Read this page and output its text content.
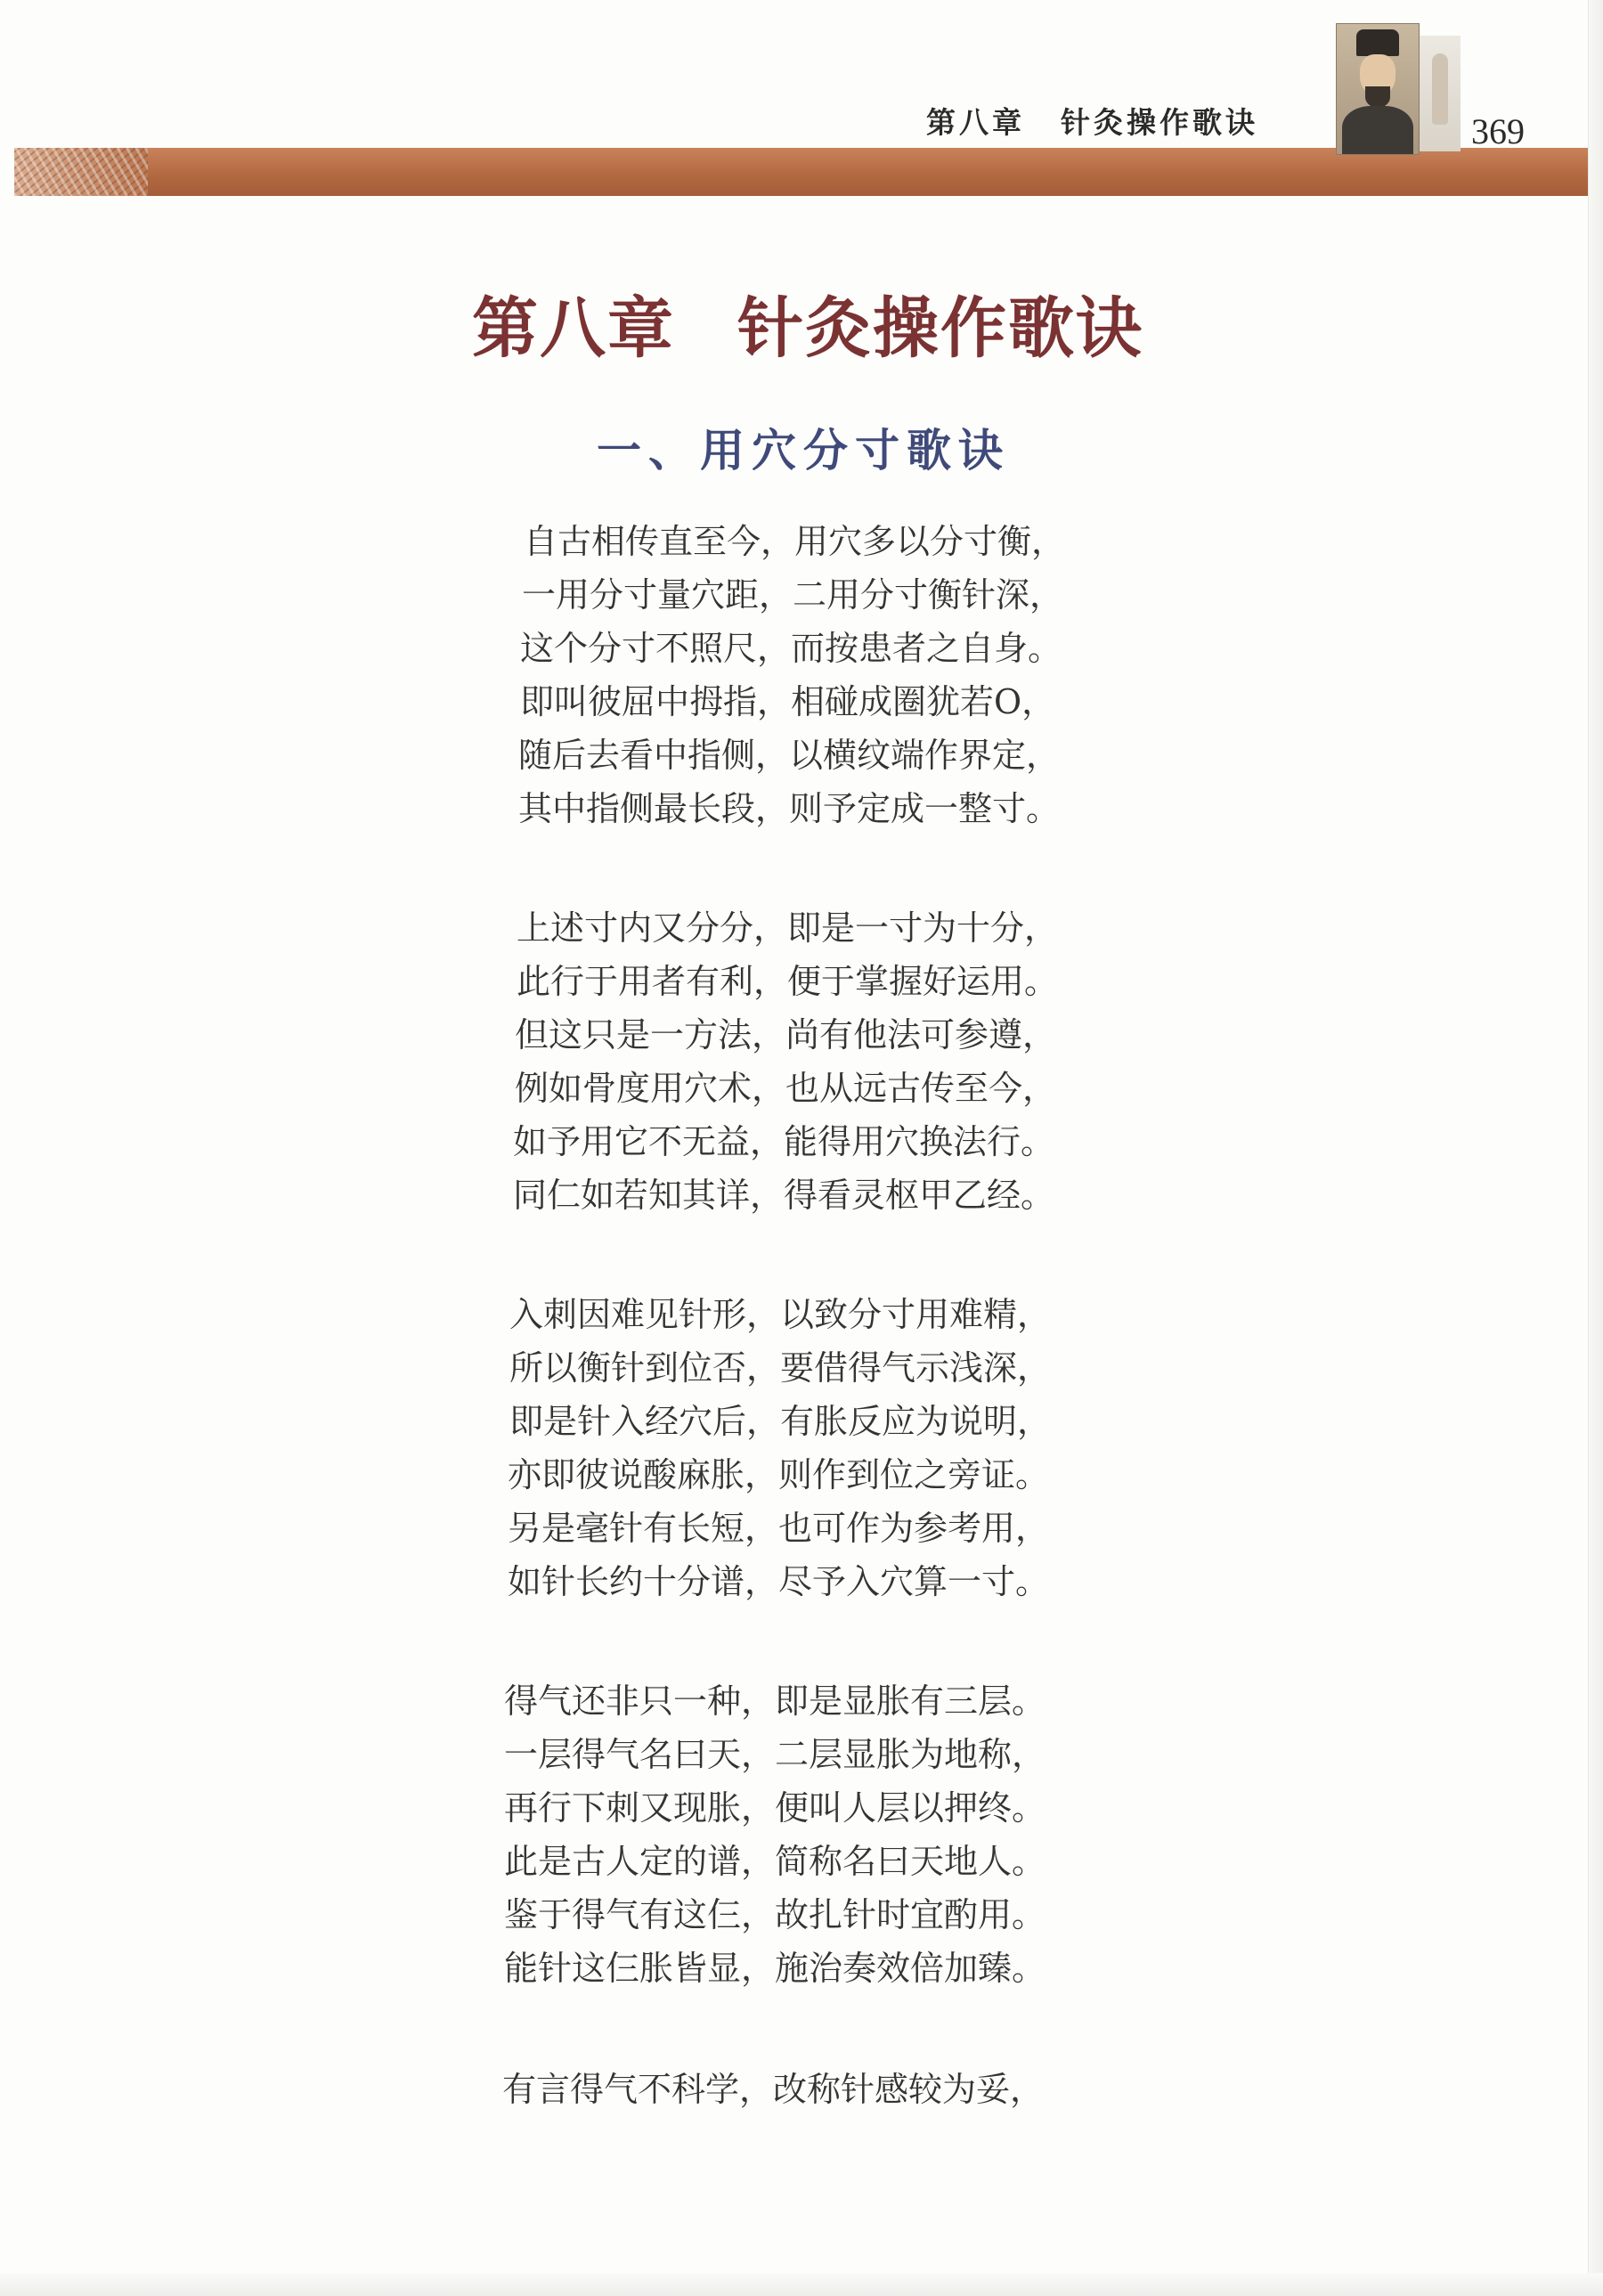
第八章 针灸操作歌诀	369
第八章 针灸操作歌诀
一、用穴分寸歌诀
自古相传直至今，用穴多以分寸衡，
一用分寸量穴距，二用分寸衡针深，
这个分寸不照尺，而按患者之自身。
即叫彼屈中拇指，相碰成圈犹若O，
随后去看中指侧，以横纹端作界定，
其中指侧最长段，则予定成一整寸。
上述寸内又分分，即是一寸为十分，
此行于用者有利，便于掌握好运用。
但这只是一方法，尚有他法可参遵，
例如骨度用穴术，也从远古传至今，
如予用它不无益，能得用穴换法行。
同仁如若知其详，得看灵枢甲乙经。
入刺因难见针形，以致分寸用难精，
所以衡针到位否，要借得气示浅深，
即是针入经穴后，有胀反应为说明，
亦即彼说酸麻胀，则作到位之旁证。
另是毫针有长短，也可作为参考用，
如针长约十分谱，尽予入穴算一寸。
得气还非只一种，即是显胀有三层。
一层得气名曰天，二层显胀为地称，
再行下刺又现胀，便叫人层以押终。
此是古人定的谱，简称名曰天地人。
鉴于得气有这仨，故扎针时宜酌用。
能针这仨胀皆显，施治奏效倍加臻。
有言得气不科学，改称针感较为妥，
